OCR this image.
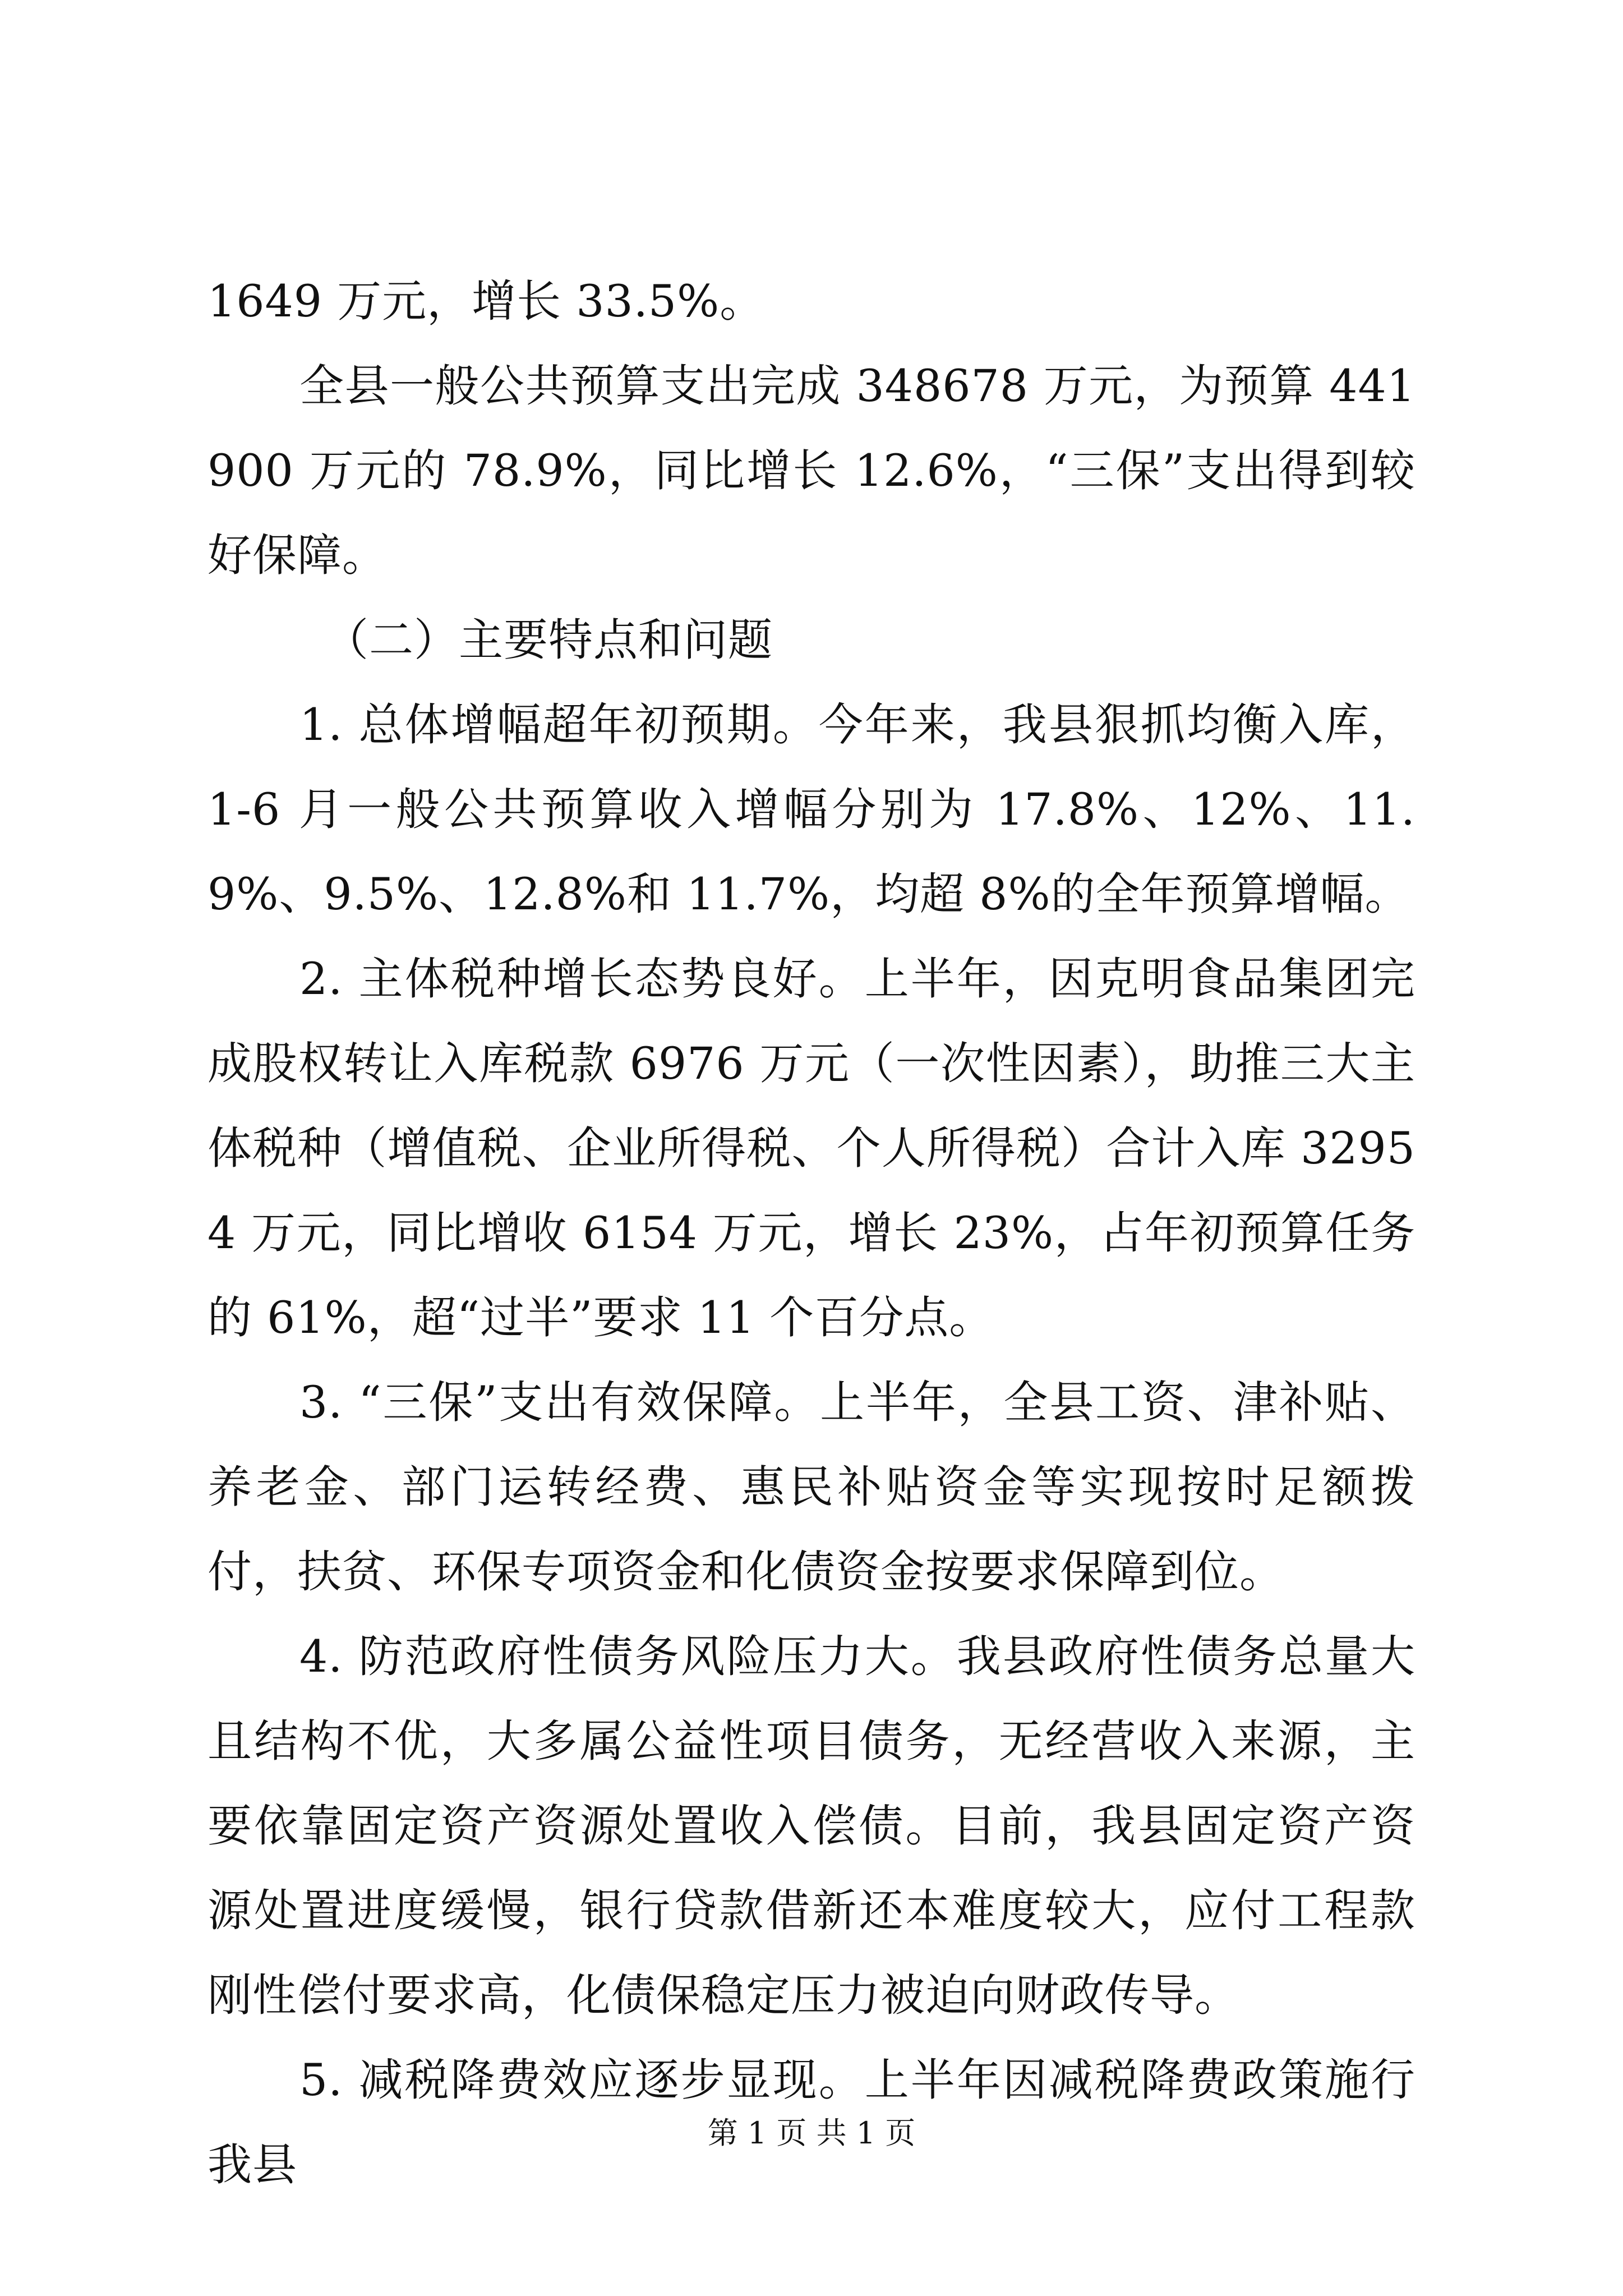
1649 万元，增长 33.5%。

全县一般公共预算支出完成 348678 万元，为预算 441900 万元的 78.9%，同比增长 12.6%，“三保”支出得到较好保障。

（二）主要特点和问题

1. 总体增幅超年初预期。今年来，我县狠抓均衡入库，1-6 月一般公共预算收入增幅分别为 17.8%、12%、11.9%、9.5%、12.8%和 11.7%，均超 8%的全年预算增幅。

2. 主体税种增长态势良好。上半年，因克明食品集团完成股权转让入库税款 6976 万元（一次性因素），助推三大主体税种（增值税、企业所得税、个人所得税）合计入库 32954 万元，同比增收 6154 万元，增长 23%，占年初预算任务的 61%，超“过半”要求 11 个百分点。

3. “三保”支出有效保障。上半年，全县工资、津补贴、养老金、部门运转经费、惠民补贴资金等实现按时足额拨付，扶贫、环保专项资金和化债资金按要求保障到位。

4. 防范政府性债务风险压力大。我县政府性债务总量大且结构不优，大多属公益性项目债务，无经营收入来源，主要依靠固定资产资源处置收入偿债。目前，我县固定资产资源处置进度缓慢，银行贷款借新还本难度较大，应付工程款刚性偿付要求高，化债保稳定压力被迫向财政传导。

5. 减税降费效应逐步显现。上半年因减税降费政策施行我县

第 1 页 共 1 页
